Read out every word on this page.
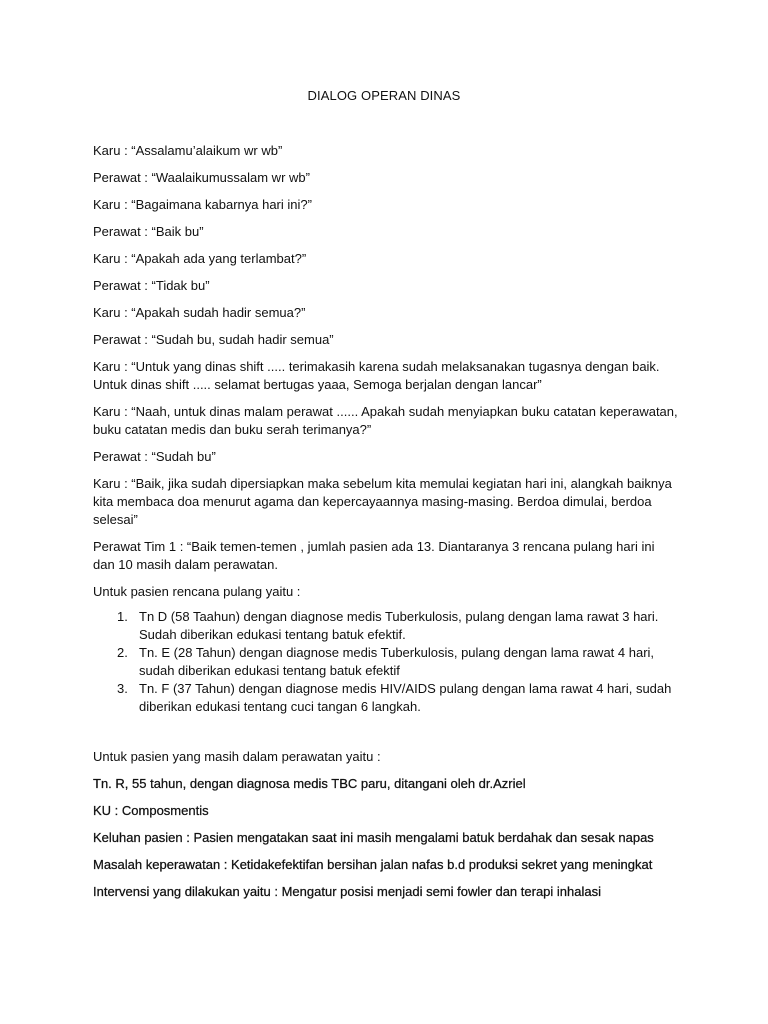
DIALOG OPERAN DINAS

Karu : “Assalamu’alaikum wr wb”

Perawat : “Waalaikumussalam wr wb”

Karu : “Bagaimana kabarnya hari ini?”

Perawat : “Baik bu”

Karu : “Apakah ada yang terlambat?”

Perawat : “Tidak bu”

Karu : “Apakah sudah hadir semua?”

Perawat : “Sudah bu, sudah hadir semua”

Karu : “Untuk yang dinas shift ..... terimakasih karena sudah melaksanakan tugasnya dengan baik. Untuk dinas shift ..... selamat bertugas yaaa, Semoga berjalan dengan lancar”

Karu : “Naah, untuk dinas malam perawat ...... Apakah sudah menyiapkan buku catatan keperawatan, buku catatan medis dan buku serah terimanya?”

Perawat : “Sudah bu”

Karu : “Baik, jika sudah dipersiapkan maka sebelum kita memulai kegiatan hari ini, alangkah baiknya kita membaca doa menurut agama dan kepercayaannya masing-masing. Berdoa dimulai, berdoa selesai”

Perawat Tim 1 : “Baik temen-temen , jumlah pasien ada 13. Diantaranya 3 rencana pulang hari ini dan 10 masih dalam perawatan.

Untuk pasien rencana pulang yaitu :

1. Tn D (58 Taahun) dengan diagnose medis Tuberkulosis, pulang dengan lama rawat 3 hari. Sudah diberikan edukasi tentang batuk efektif.
2. Tn. E (28 Tahun) dengan diagnose medis Tuberkulosis, pulang dengan lama rawat 4 hari, sudah diberikan edukasi tentang batuk efektif
3. Tn. F (37 Tahun) dengan diagnose medis HIV/AIDS pulang dengan lama rawat 4 hari, sudah diberikan edukasi tentang cuci tangan 6 langkah.

Untuk pasien yang masih dalam perawatan yaitu :

Tn. R, 55 tahun, dengan diagnosa medis TBC paru, ditangani oleh dr.Azriel

KU : Composmentis

Keluhan pasien : Pasien mengatakan saat ini masih mengalami batuk berdahak dan sesak napas

Masalah keperawatan : Ketidakefektifan bersihan jalan nafas b.d produksi sekret yang meningkat

Intervensi yang dilakukan yaitu : Mengatur posisi menjadi semi fowler dan terapi inhalasi
